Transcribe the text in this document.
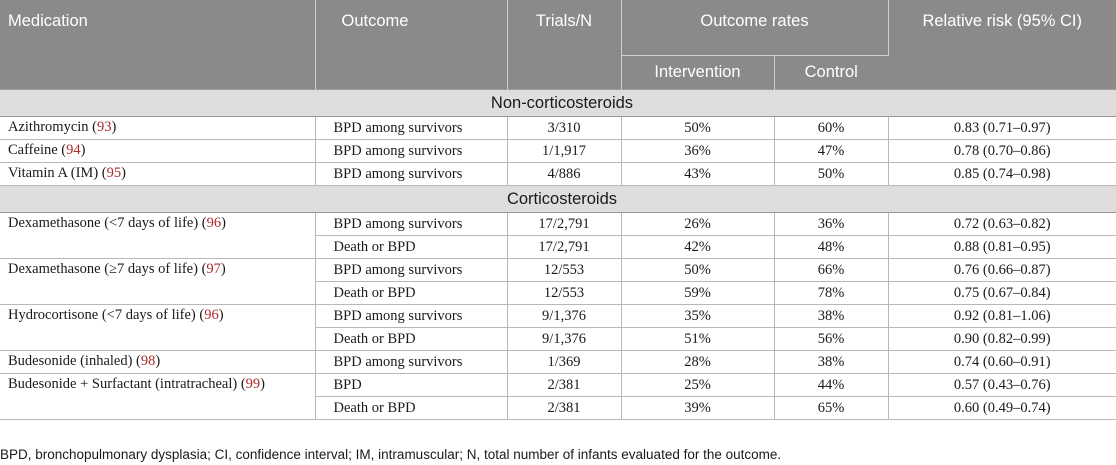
Medication	Outcome	Trials/N	Outcome rates		Relative risk (95% CI)
			Intervention	Control	
Non-corticosteroids					
Azithromycin (93)	BPD among survivors	3/310	50%	60%	0.83 (0.71–0.97)
Caffeine (94)	BPD among survivors	1/1,917	36%	47%	0.78 (0.70–0.86)
Vitamin A (IM) (95)	BPD among survivors	4/886	43%	50%	0.85 (0.74–0.98)
Corticosteroids					
Dexamethasone (<7 days of life) (96)	BPD among survivors	17/2,791	26%	36%	0.72 (0.63–0.82)
	Death or BPD	17/2,791	42%	48%	0.88 (0.81–0.95)
Dexamethasone (≥7 days of life) (97)	BPD among survivors	12/553	50%	66%	0.76 (0.66–0.87)
	Death or BPD	12/553	59%	78%	0.75 (0.67–0.84)
Hydrocortisone (<7 days of life) (96)	BPD among survivors	9/1,376	35%	38%	0.92 (0.81–1.06)
	Death or BPD	9/1,376	51%	56%	0.90 (0.82–0.99)
Budesonide (inhaled) (98)	BPD among survivors	1/369	28%	38%	0.74 (0.60–0.91)
Budesonide + Surfactant (intratracheal) (99)	BPD	2/381	25%	44%	0.57 (0.43–0.76)
	Death or BPD	2/381	39%	65%	0.60 (0.49–0.74)
BPD, bronchopulmonary dysplasia; CI, confidence interval; IM, intramuscular; N, total number of infants evaluated for the outcome.
